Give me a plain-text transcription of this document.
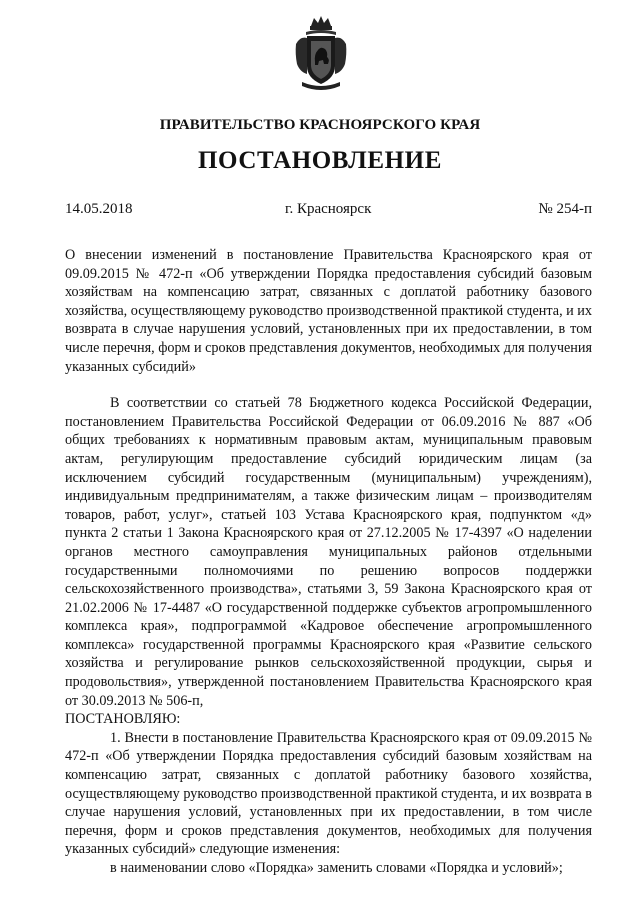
ПРАВИТЕЛЬСТВО КРАСНОЯРСКОГО КРАЯ
ПОСТАНОВЛЕНИЕ
14.05.2018	г. Красноярск	№ 254-п

О внесении изменений в постановление Правительства Красноярского края от 09.09.2015 № 472-п «Об утверждении Порядка предоставления субсидий базовым хозяйствам на компенсацию затрат, связанных с доплатой работнику базового хозяйства, осуществляющему руководство производственной практикой студента, и их возврата в случае нарушения условий, установленных при их предоставлении, в том числе перечня, форм и сроков представления документов, необходимых для получения указанных субсидий»

В соответствии со статьей 78 Бюджетного кодекса Российской Федерации, постановлением Правительства Российской Федерации от 06.09.2016 № 887 «Об общих требованиях к нормативным правовым актам, муниципальным правовым актам, регулирующим предоставление субсидий юридическим лицам (за исключением субсидий государственным (муниципальным) учреждениям), индивидуальным предпринимателям, а также физическим лицам – производителям товаров, работ, услуг», статьей 103 Устава Красноярского края, подпунктом «д» пункта 2 статьи 1 Закона Красноярского края от 27.12.2005 № 17-4397 «О наделении органов местного самоуправления муниципальных районов отдельными государственными полномочиями по решению вопросов поддержки сельскохозяйственного производства», статьями 3, 59 Закона Красноярского края от 21.02.2006 № 17-4487 «О государственной поддержке субъектов агропромышленного комплекса края», подпрограммой «Кадровое обеспечение агропромышленного комплекса» государственной программы Красноярского края «Развитие сельского хозяйства и регулирование рынков сельскохозяйственной продукции, сырья и продовольствия», утвержденной постановлением Правительства Красноярского края от 30.09.2013 № 506-п,

ПОСТАНОВЛЯЮ:

1. Внести в постановление Правительства Красноярского края от 09.09.2015 № 472-п «Об утверждении Порядка предоставления субсидий базовым хозяйствам на компенсацию затрат, связанных с доплатой работнику базового хозяйства, осуществляющему руководство производственной практикой студента, и их возврата в случае нарушения условий, установленных при их предоставлении, в том числе перечня, форм и сроков представления документов, необходимых для получения указанных субсидий» следующие изменения:

в наименовании слово «Порядка» заменить словами «Порядка и условий»;
